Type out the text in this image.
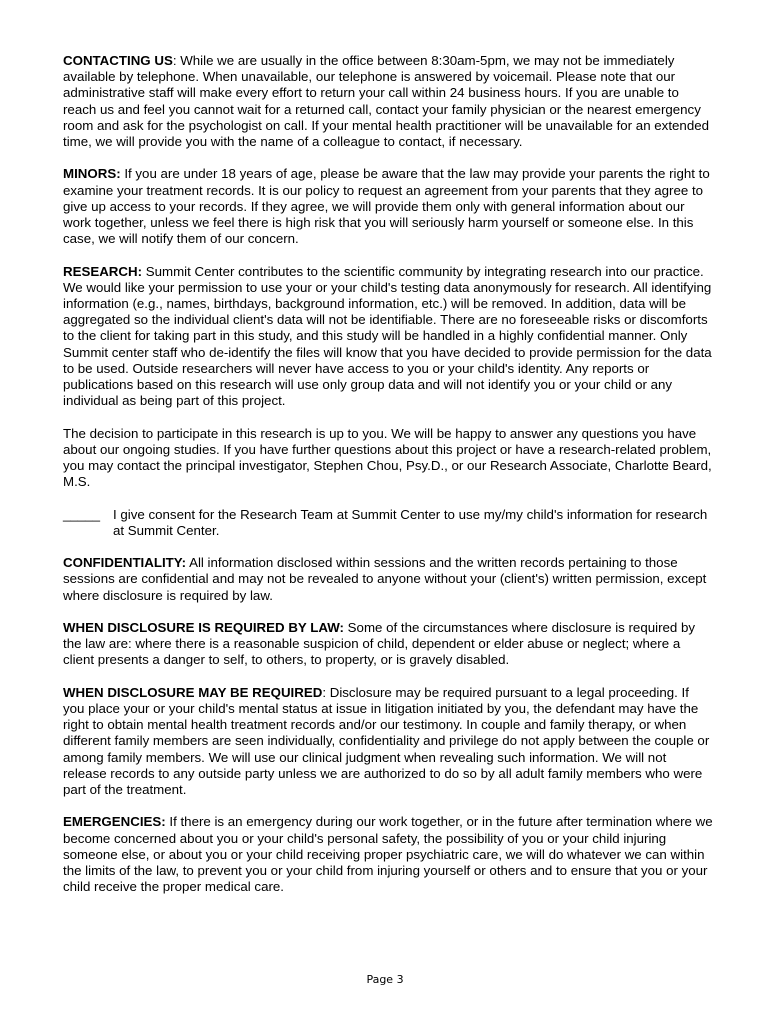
CONTACTING US: While we are usually in the office between 8:30am-5pm, we may not be immediately available by telephone. When unavailable, our telephone is answered by voicemail. Please note that our administrative staff will make every effort to return your call within 24 business hours. If you are unable to reach us and feel you cannot wait for a returned call, contact your family physician or the nearest emergency room and ask for the psychologist on call. If your mental health practitioner will be unavailable for an extended time, we will provide you with the name of a colleague to contact, if necessary.

MINORS: If you are under 18 years of age, please be aware that the law may provide your parents the right to examine your treatment records. It is our policy to request an agreement from your parents that they agree to give up access to your records. If they agree, we will provide them only with general information about our work together, unless we feel there is high risk that you will seriously harm yourself or someone else. In this case, we will notify them of our concern.

RESEARCH: Summit Center contributes to the scientific community by integrating research into our practice. We would like your permission to use your or your child's testing data anonymously for research. All identifying information (e.g., names, birthdays, background information, etc.) will be removed. In addition, data will be aggregated so the individual client's data will not be identifiable. There are no foreseeable risks or discomforts to the client for taking part in this study, and this study will be handled in a highly confidential manner. Only Summit center staff who de-identify the files will know that you have decided to provide permission for the data to be used. Outside researchers will never have access to you or your child's identity. Any reports or publications based on this research will use only group data and will not identify you or your child or any individual as being part of this project.

The decision to participate in this research is up to you. We will be happy to answer any questions you have about our ongoing studies. If you have further questions about this project or have a research-related problem, you may contact the principal investigator, Stephen Chou, Psy.D., or our Research Associate, Charlotte Beard, M.S.

_____ I give consent for the Research Team at Summit Center to use my/my child's information for research at Summit Center.

CONFIDENTIALITY: All information disclosed within sessions and the written records pertaining to those sessions are confidential and may not be revealed to anyone without your (client's) written permission, except where disclosure is required by law.

WHEN DISCLOSURE IS REQUIRED BY LAW: Some of the circumstances where disclosure is required by the law are: where there is a reasonable suspicion of child, dependent or elder abuse or neglect; where a client presents a danger to self, to others, to property, or is gravely disabled.

WHEN DISCLOSURE MAY BE REQUIRED: Disclosure may be required pursuant to a legal proceeding. If you place your or your child's mental status at issue in litigation initiated by you, the defendant may have the right to obtain mental health treatment records and/or our testimony. In couple and family therapy, or when different family members are seen individually, confidentiality and privilege do not apply between the couple or among family members. We will use our clinical judgment when revealing such information. We will not release records to any outside party unless we are authorized to do so by all adult family members who were part of the treatment.

EMERGENCIES: If there is an emergency during our work together, or in the future after termination where we become concerned about you or your child's personal safety, the possibility of you or your child injuring someone else, or about you or your child receiving proper psychiatric care, we will do whatever we can within the limits of the law, to prevent you or your child from injuring yourself or others and to ensure that you or your child receive the proper medical care.

Page 3
